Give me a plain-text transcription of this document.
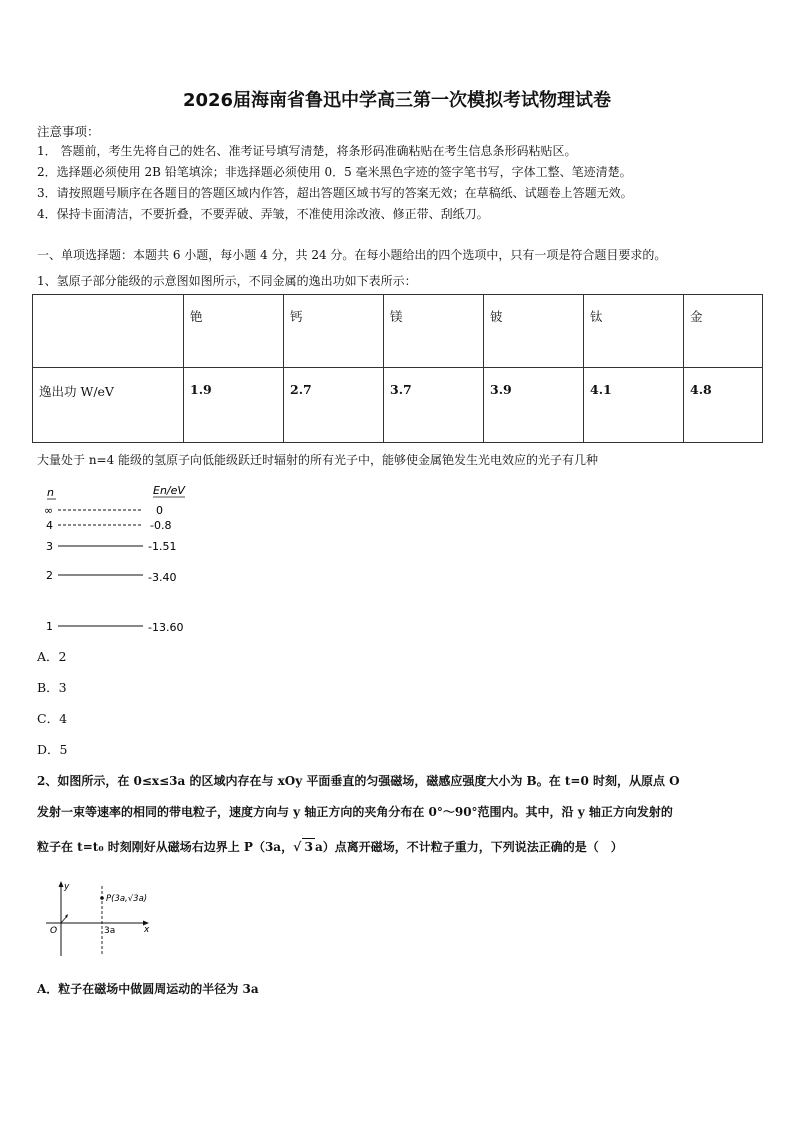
2026届海南省鲁迅中学高三第一次模拟考试物理试卷
注意事项：
1． 答题前，考生先将自己的姓名、准考证号填写清楚，将条形码准确粘贴在考生信息条形码粘贴区。
2．选择题必须使用 2B 铅笔填涂；非选择题必须使用 0．5 毫米黑色字迹的签字笔书写，字体工整、笔迹清楚。
3．请按照题号顺序在各题目的答题区域内作答，超出答题区域书写的答案无效；在草稿纸、试题卷上答题无效。
4．保持卡面清洁，不要折叠，不要弄破、弄皱，不准使用涂改液、修正带、刮纸刀。
一、单项选择题：本题共 6 小题，每小题 4 分，共 24 分。在每小题给出的四个选项中，只有一项是符合题目要求的。
1、氢原子部分能级的示意图如图所示，不同金属的逸出功如下表所示：
	铯	钙	镁	铍	钛	金
逸出功 W/eV	1.9	2.7	3.7	3.9	4.1	4.8
大量处于 n=4 能级的氢原子向低能级跃迁时辐射的所有光子中，能够使金属铯发生光电效应的光子有几种
n	En/eV
∞	0
4	-0.8
3	-1.51
2	-3.40
1	-13.60
A．2
B．3
C．4
D．5
2、如图所示，在 0≤x≤3a 的区域内存在与 xOy 平面垂直的匀强磁场，磁感应强度大小为 B。在 t=0 时刻，从原点 O
发射一束等速率的相同的带电粒子，速度方向与 y 轴正方向的夹角分布在 0°～90°范围内。其中，沿 y 轴正方向发射的
粒子在 t=t₀ 时刻刚好从磁场右边界上 P（3a，√ 3 a）点离开磁场，不计粒子重力，下列说法正确的是（　）
y
x
O	3a
P(3a,√3a)
A．粒子在磁场中做圆周运动的半径为 3a
